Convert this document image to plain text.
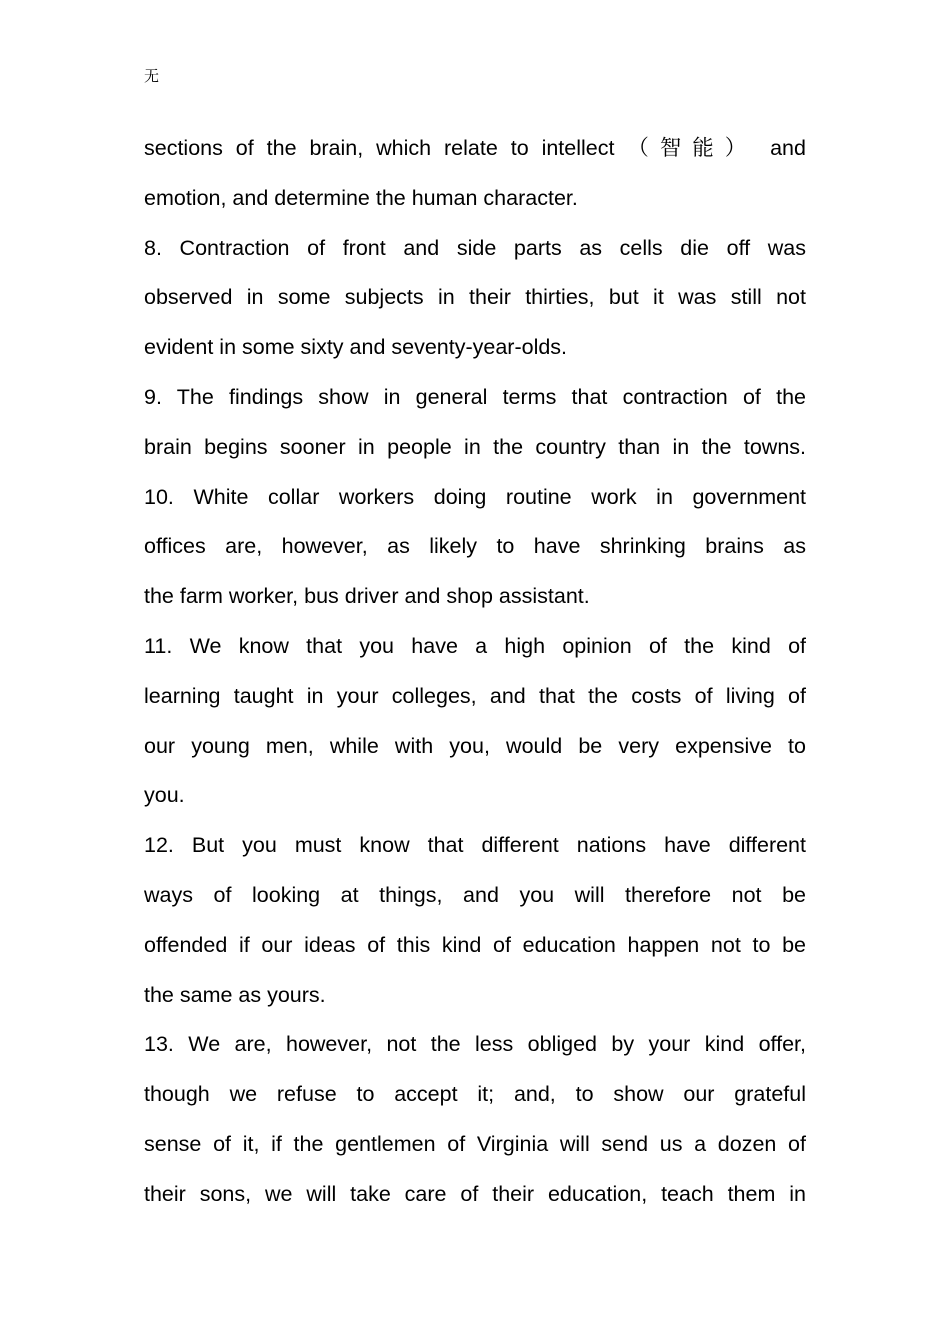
无
sections of the brain, which relate to intellect （智能） and
emotion, and determine the human character.
8. Contraction of front and side parts as cells die off was
observed in some subjects in their thirties, but it was still not
evident in some sixty and seventy-year-olds.
9. The findings show in general terms that contraction of the
brain begins sooner in people in the country than in the towns.
10. White collar workers doing routine work in government
offices are, however, as likely to have shrinking brains as
the farm worker, bus driver and shop assistant.
11. We know that you have a high opinion of the kind of
learning taught in your colleges, and that the costs of living of
our young men, while with you, would be very expensive to
you.
12. But you must know that different nations have different
ways of looking at things, and you will therefore not be
offended if our ideas of this kind of education happen not to be
the same as yours.
13. We are, however, not the less obliged by your kind offer,
though we refuse to accept it; and, to show our grateful
sense of it, if the gentlemen of Virginia will send us a dozen of
their sons, we will take care of their education, teach them in
